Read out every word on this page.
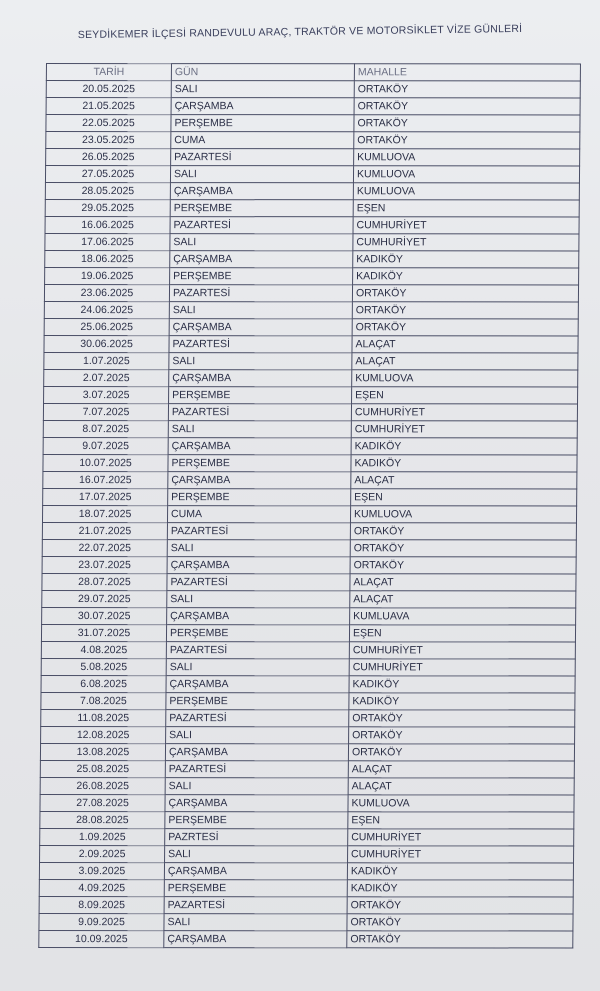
SEYDİKEMER İLÇESİ RANDEVULU ARAÇ, TRAKTÖR VE MOTORSİKLET VİZE GÜNLERİ
TARİH	GÜN	MAHALLE
20.05.2025	SALI	ORTAKÖY
21.05.2025	ÇARŞAMBA	ORTAKÖY
22.05.2025	PERŞEMBE	ORTAKÖY
23.05.2025	CUMA	ORTAKÖY
26.05.2025	PAZARTESİ	KUMLUOVA
27.05.2025	SALI	KUMLUOVA
28.05.2025	ÇARŞAMBA	KUMLUOVA
29.05.2025	PERŞEMBE	EŞEN
16.06.2025	PAZARTESİ	CUMHURİYET
17.06.2025	SALI	CUMHURİYET
18.06.2025	ÇARŞAMBA	KADIKÖY
19.06.2025	PERŞEMBE	KADIKÖY
23.06.2025	PAZARTESİ	ORTAKÖY
24.06.2025	SALI	ORTAKÖY
25.06.2025	ÇARŞAMBA	ORTAKÖY
30.06.2025	PAZARTESİ	ALAÇAT
1.07.2025	SALI	ALAÇAT
2.07.2025	ÇARŞAMBA	KUMLUOVA
3.07.2025	PERŞEMBE	EŞEN
7.07.2025	PAZARTESİ	CUMHURİYET
8.07.2025	SALI	CUMHURİYET
9.07.2025	ÇARŞAMBA	KADIKÖY
10.07.2025	PERŞEMBE	KADIKÖY
16.07.2025	ÇARŞAMBA	ALAÇAT
17.07.2025	PERŞEMBE	EŞEN
18.07.2025	CUMA	KUMLUOVA
21.07.2025	PAZARTESİ	ORTAKÖY
22.07.2025	SALI	ORTAKÖY
23.07.2025	ÇARŞAMBA	ORTAKÖY
28.07.2025	PAZARTESİ	ALAÇAT
29.07.2025	SALI	ALAÇAT
30.07.2025	ÇARŞAMBA	KUMLUAVA
31.07.2025	PERŞEMBE	EŞEN
4.08.2025	PAZARTESİ	CUMHURİYET
5.08.2025	SALI	CUMHURİYET
6.08.2025	ÇARŞAMBA	KADIKÖY
7.08.2025	PERŞEMBE	KADIKÖY
11.08.2025	PAZARTESİ	ORTAKÖY
12.08.2025	SALI	ORTAKÖY
13.08.2025	ÇARŞAMBA	ORTAKÖY
25.08.2025	PAZARTESİ	ALAÇAT
26.08.2025	SALI	ALAÇAT
27.08.2025	ÇARŞAMBA	KUMLUOVA
28.08.2025	PERŞEMBE	EŞEN
1.09.2025	PAZRTESİ	CUMHURİYET
2.09.2025	SALI	CUMHURİYET
3.09.2025	ÇARŞAMBA	KADIKÖY
4.09.2025	PERŞEMBE	KADIKÖY
8.09.2025	PAZARTESİ	ORTAKÖY
9.09.2025	SALI	ORTAKÖY
10.09.2025	ÇARŞAMBA	ORTAKÖY
